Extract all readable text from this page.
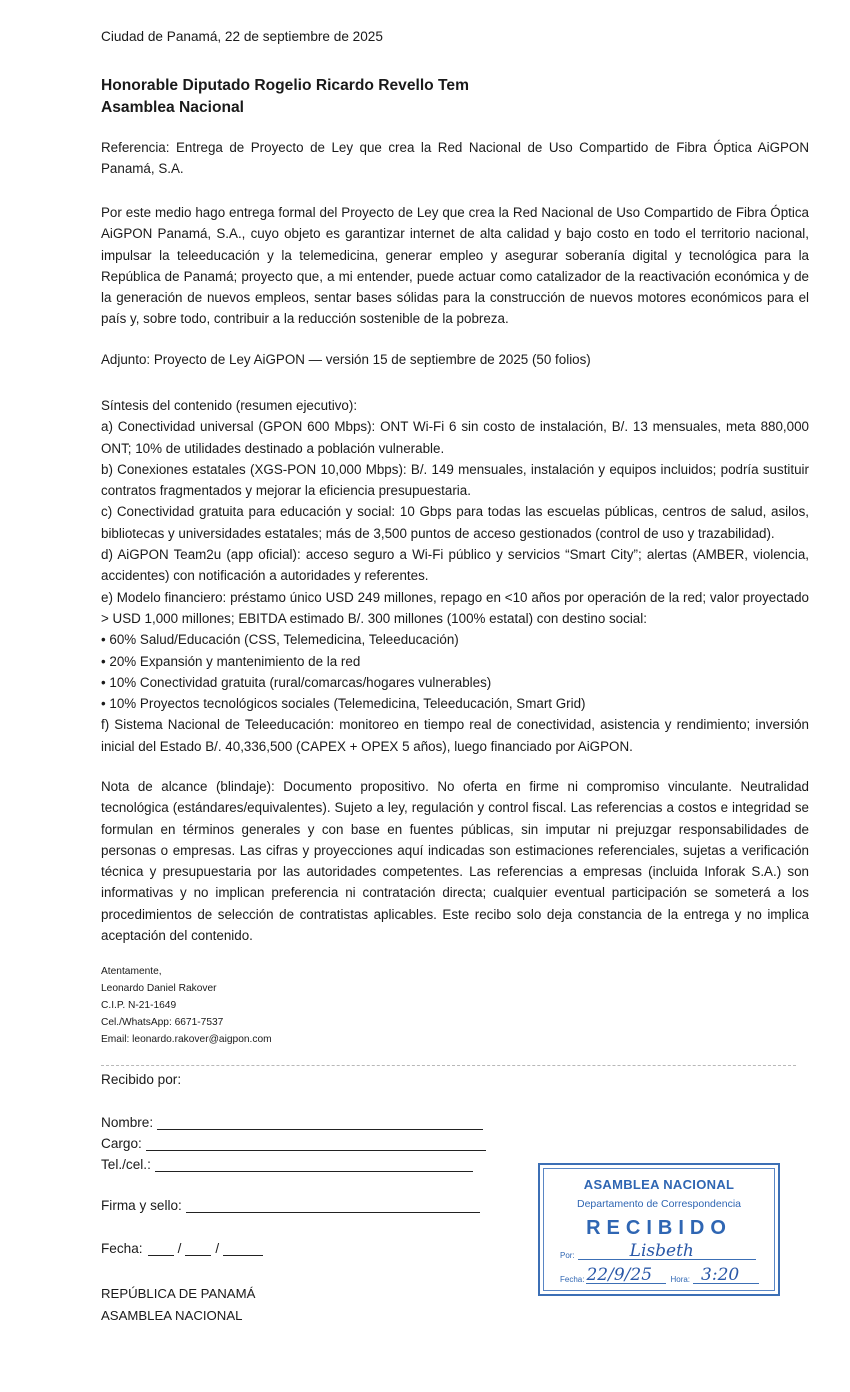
Ciudad de Panamá, 22 de septiembre de 2025
Honorable Diputado Rogelio Ricardo Revello Tem
Asamblea Nacional
Referencia: Entrega de Proyecto de Ley que crea la Red Nacional de Uso Compartido de Fibra Óptica AiGPON Panamá, S.A.
Por este medio hago entrega formal del Proyecto de Ley que crea la Red Nacional de Uso Compartido de Fibra Óptica AiGPON Panamá, S.A., cuyo objeto es garantizar internet de alta calidad y bajo costo en todo el territorio nacional, impulsar la teleeducación y la telemedicina, generar empleo y asegurar soberanía digital y tecnológica para la República de Panamá; proyecto que, a mi entender, puede actuar como catalizador de la reactivación económica y de la generación de nuevos empleos, sentar bases sólidas para la construcción de nuevos motores económicos para el país y, sobre todo, contribuir a la reducción sostenible de la pobreza.
Adjunto: Proyecto de Ley AiGPON — versión 15 de septiembre de 2025 (50 folios)

Síntesis del contenido (resumen ejecutivo):

a) Conectividad universal (GPON 600 Mbps): ONT Wi-Fi 6 sin costo de instalación, B/. 13 mensuales, meta 880,000 ONT; 10% de utilidades destinado a población vulnerable.

b) Conexiones estatales (XGS-PON 10,000 Mbps): B/. 149 mensuales, instalación y equipos incluidos; podría sustituir contratos fragmentados y mejorar la eficiencia presupuestaria.

c) Conectividad gratuita para educación y social: 10 Gbps para todas las escuelas públicas, centros de salud, asilos, bibliotecas y universidades estatales; más de 3,500 puntos de acceso gestionados (control de uso y trazabilidad).

d) AiGPON Team2u (app oficial): acceso seguro a Wi-Fi público y servicios “Smart City”; alertas (AMBER, violencia, accidentes) con notificación a autoridades y referentes.

e) Modelo financiero: préstamo único USD 249 millones, repago en <10 años por operación de la red; valor proyectado > USD 1,000 millones; EBITDA estimado B/. 300 millones (100% estatal) con destino social:

• 60% Salud/Educación (CSS, Telemedicina, Teleeducación)

• 20% Expansión y mantenimiento de la red

• 10% Conectividad gratuita (rural/comarcas/hogares vulnerables)

• 10% Proyectos tecnológicos sociales (Telemedicina, Teleeducación, Smart Grid)

f) Sistema Nacional de Teleeducación: monitoreo en tiempo real de conectividad, asistencia y rendimiento; inversión inicial del Estado B/. 40,336,500 (CAPEX + OPEX 5 años), luego financiado por AiGPON.

Nota de alcance (blindaje): Documento propositivo. No oferta en firme ni compromiso vinculante. Neutralidad tecnológica (estándares/equivalentes). Sujeto a ley, regulación y control fiscal. Las referencias a costos e integridad se formulan en términos generales y con base en fuentes públicas, sin imputar ni prejuzgar responsabilidades de personas o empresas. Las cifras y proyecciones aquí indicadas son estimaciones referenciales, sujetas a verificación técnica y presupuestaria por las autoridades competentes. Las referencias a empresas (incluida Inforak S.A.) son informativas y no implican preferencia ni contratación directa; cualquier eventual participación se someterá a los procedimientos de selección de contratistas aplicables. Este recibo solo deja constancia de la entrega y no implica aceptación del contenido.
Atentamente,
Leonardo Daniel Rakover
C.I.P. N-21-1649
Cel./WhatsApp: 6671-7537
Email: leonardo.rakover@aigpon.com
Recibido por:
Nombre:
Cargo:
Tel./cel.:
Firma y sello:
Fecha:	/	/
REPÚBLICA DE PANAMÁ
ASAMBLEA NACIONAL
ASAMBLEA NACIONAL
Departamento de Correspondencia
RECIBIDO
Por:	Lisbeth
Fecha: 22/9/25	Hora: 3:20
